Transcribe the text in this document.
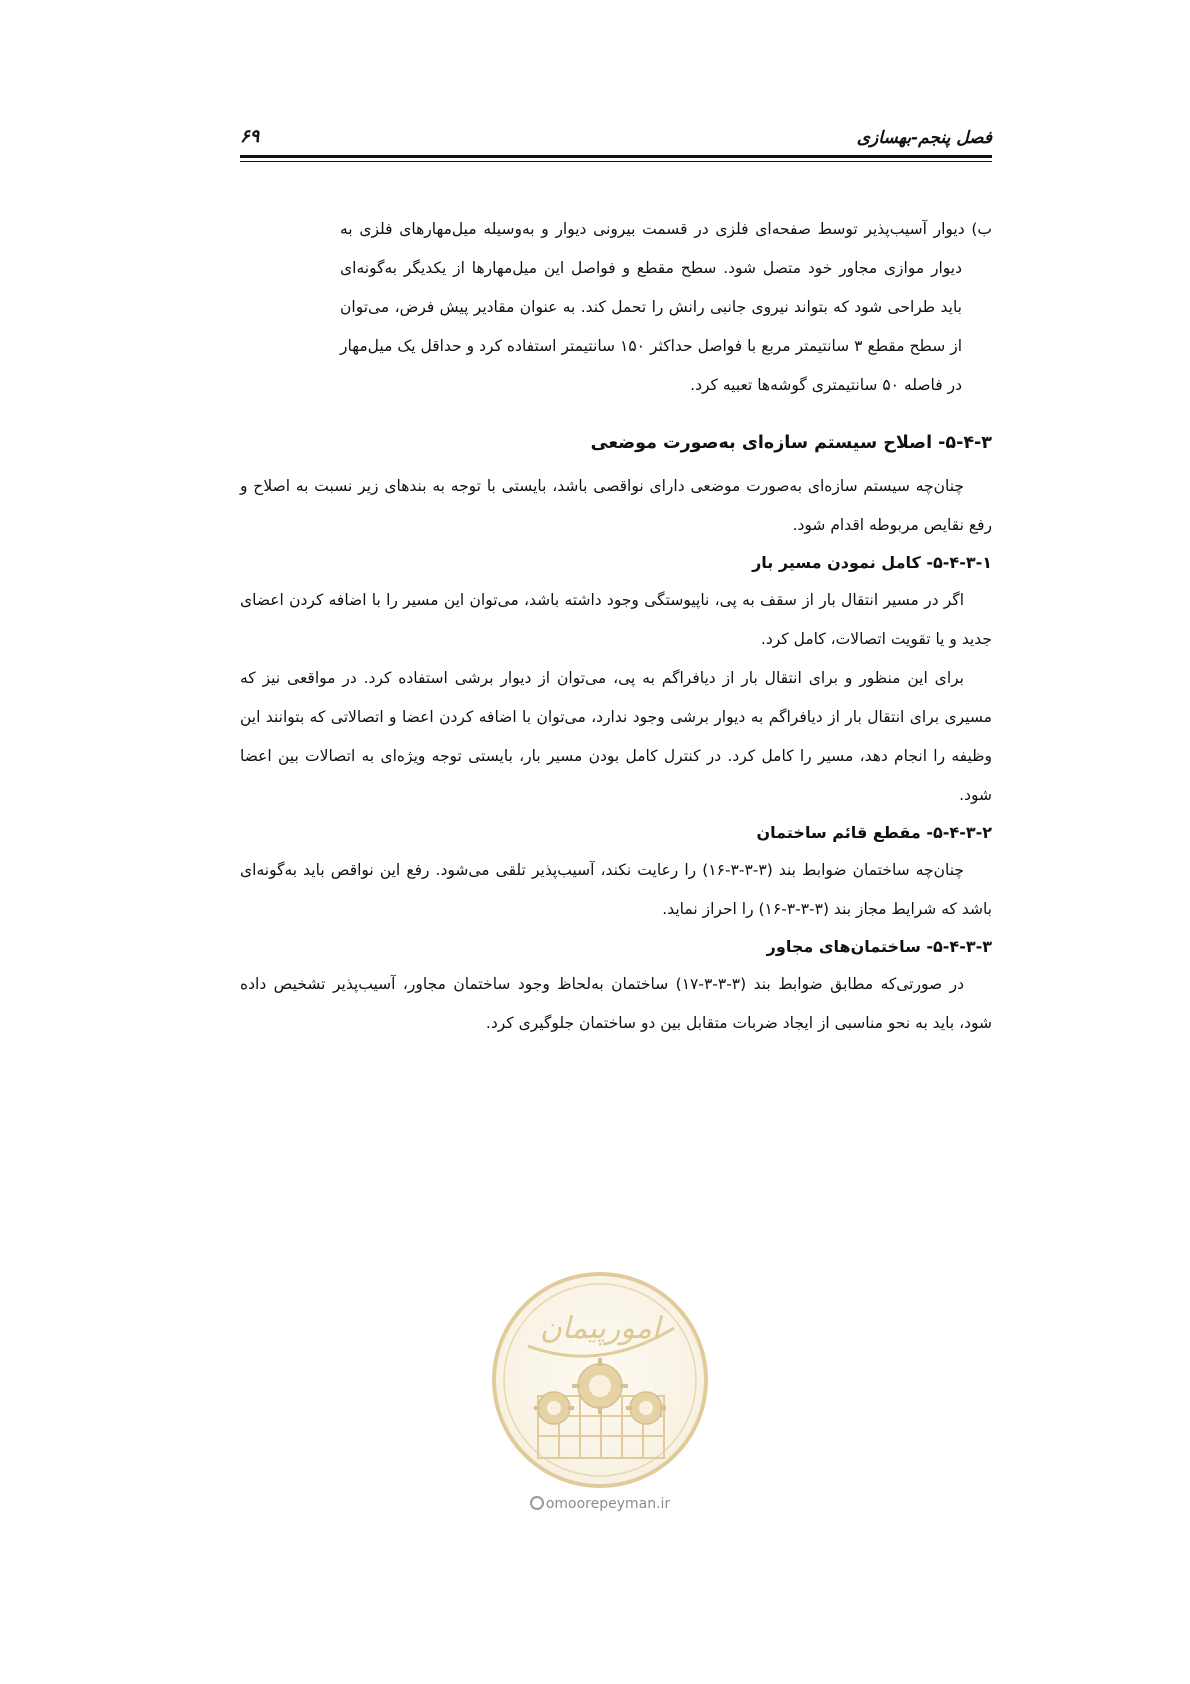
فصل پنجم-بهسازی
۶۹

ب) دیوار آسیب‌پذیر توسط صفحه‌ای فلزی در قسمت بیرونی دیوار و به‌وسیله میل‌مهارهای فلزی به دیوار موازی مجاور خود متصل شود. سطح مقطع و فواصل این میل‌مهارها از یکدیگر به‌گونه‌ای باید طراحی شود که بتواند نیروی جانبی رانش را تحمل کند. به عنوان مقادیر پیش فرض، می‌توان از سطح مقطع ۳ سانتیمتر مربع با فواصل حداکثر ۱۵۰ سانتیمتر استفاده کرد و حداقل یک میل‌مهار در فاصله ۵۰ سانتیمتری گوشه‌ها تعبیه کرد.

۵-۴-۳- اصلاح سیستم سازه‌ای به‌صورت موضعی

چنان‌چه سیستم سازه‌ای به‌صورت موضعی دارای نواقصی باشد، بایستی با توجه به بندهای زیر نسبت به اصلاح و رفع نقایص مربوطه اقدام شود.

۵-۴-۳-۱- کامل نمودن مسیر بار

اگر در مسیر انتقال بار از سقف به پی، ناپیوستگی وجود داشته باشد، می‌توان این مسیر را با اضافه کردن اعضای جدید و یا تقویت اتصالات، کامل کرد.

برای این منظور و برای انتقال بار از دیافراگم به پی، می‌توان از دیوار برشی استفاده کرد. در مواقعی نیز که مسیری برای انتقال بار از دیافراگم به دیوار برشی وجود ندارد، می‌توان با اضافه کردن اعضا و اتصالاتی که بتوانند این وظیفه را انجام دهد، مسیر را کامل کرد. در کنترل کامل بودن مسیر بار، بایستی توجه ویژه‌ای به اتصالات بین اعضا شود.

۵-۴-۳-۲- مقطع قائم ساختمان

چنان‌چه ساختمان ضوابط بند (۳-۳-۳-۱۶) را رعایت نکند، آسیب‌پذیر تلقی می‌شود. رفع این نواقص باید به‌گونه‌ای باشد که شرایط مجاز بند (۳-۳-۳-۱۶) را احراز نماید.

۵-۴-۳-۳- ساختمان‌های مجاور

در صورتی‌که مطابق ضوابط بند (۳-۳-۳-۱۷) ساختمان به‌لحاظ وجود ساختمان مجاور، آسیب‌پذیر تشخیص داده شود، باید به نحو مناسبی از ایجاد ضربات متقابل بین دو ساختمان جلوگیری کرد.

امورپیمان
omoorepeyman.ir
